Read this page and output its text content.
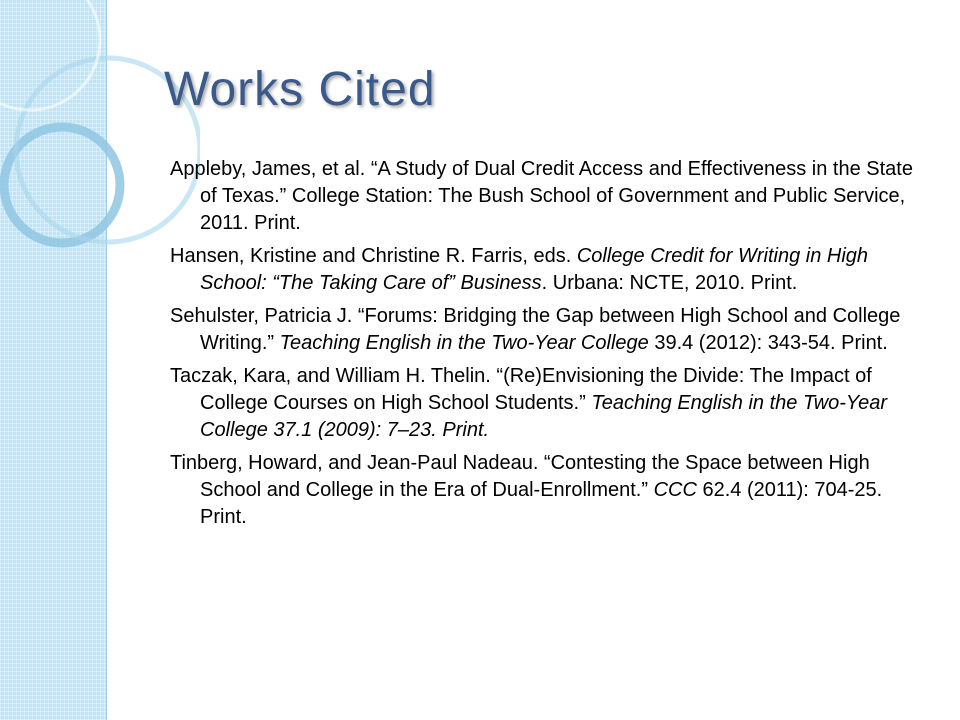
Works Cited

Appleby, James, et al. “A Study of Dual Credit Access and Effectiveness in the State of Texas.” College Station: The Bush School of Government and Public Service, 2011. Print.

Hansen, Kristine and Christine R. Farris, eds. College Credit for Writing in High School: “The Taking Care of” Business. Urbana: NCTE, 2010. Print.

Sehulster, Patricia J. “Forums: Bridging the Gap between High School and College Writing.” Teaching English in the Two-Year College 39.4 (2012): 343-54. Print.

Taczak, Kara, and William H. Thelin. “(Re)Envisioning the Divide: The Impact of College Courses on High School Students.” Teaching English in the Two-Year College 37.1 (2009): 7–23. Print.

Tinberg, Howard, and Jean-Paul Nadeau. “Contesting the Space between High School and College in the Era of Dual-Enrollment.” CCC 62.4 (2011): 704-25. Print.
